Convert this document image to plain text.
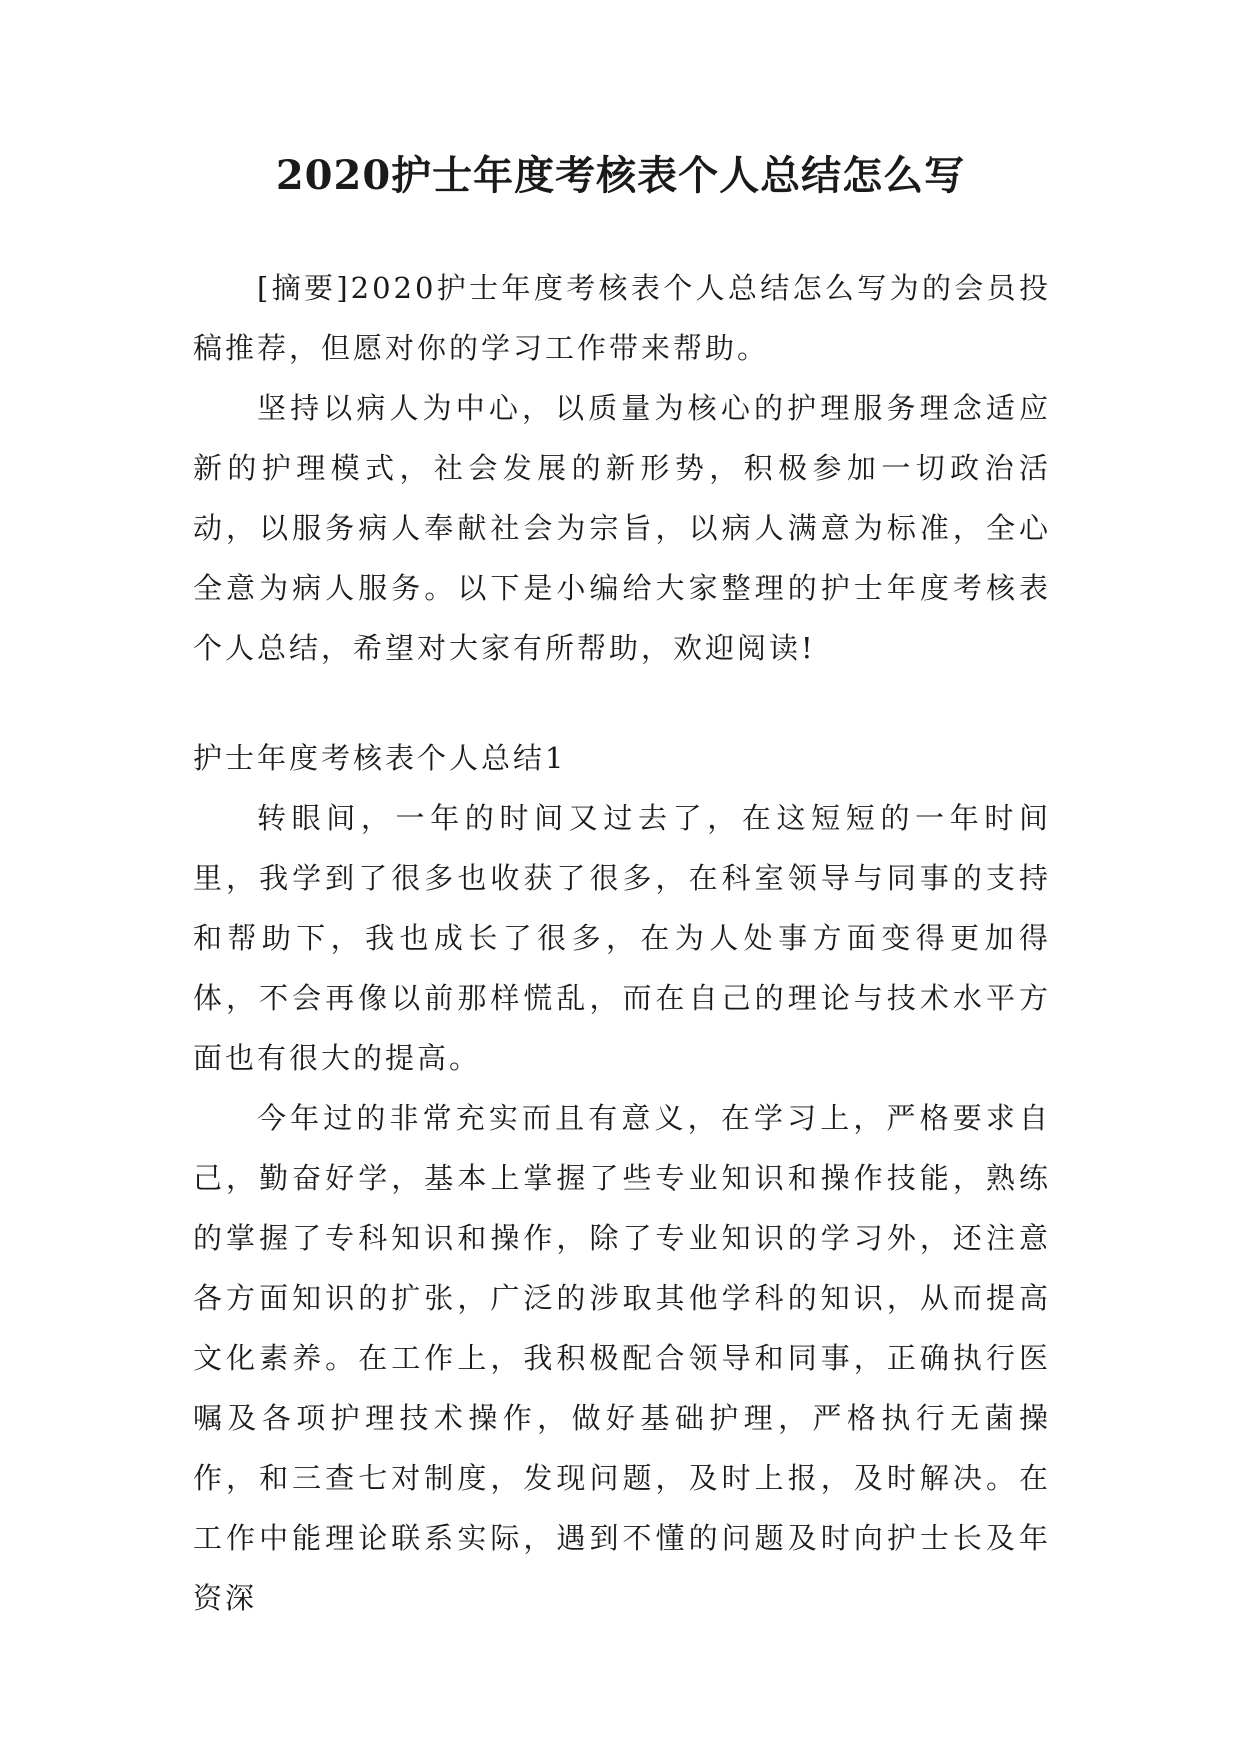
2020护士年度考核表个人总结怎么写

[摘要]2020护士年度考核表个人总结怎么写为的会员投稿推荐，但愿对你的学习工作带来帮助。

坚持以病人为中心，以质量为核心的护理服务理念适应新的护理模式，社会发展的新形势，积极参加一切政治活动，以服务病人奉献社会为宗旨，以病人满意为标准，全心全意为病人服务。以下是小编给大家整理的护士年度考核表个人总结，希望对大家有所帮助，欢迎阅读!

护士年度考核表个人总结1

转眼间，一年的时间又过去了，在这短短的一年时间里，我学到了很多也收获了很多，在科室领导与同事的支持和帮助下，我也成长了很多，在为人处事方面变得更加得体，不会再像以前那样慌乱，而在自己的理论与技术水平方面也有很大的提高。

今年过的非常充实而且有意义，在学习上，严格要求自己，勤奋好学，基本上掌握了些专业知识和操作技能，熟练的掌握了专科知识和操作，除了专业知识的学习外，还注意各方面知识的扩张，广泛的涉取其他学科的知识，从而提高文化素养。在工作上，我积极配合领导和同事，正确执行医嘱及各项护理技术操作，做好基础护理，严格执行无菌操作，和三查七对制度，发现问题，及时上报，及时解决。在工作中能理论联系实际，遇到不懂的问题及时向护士长及年资深
